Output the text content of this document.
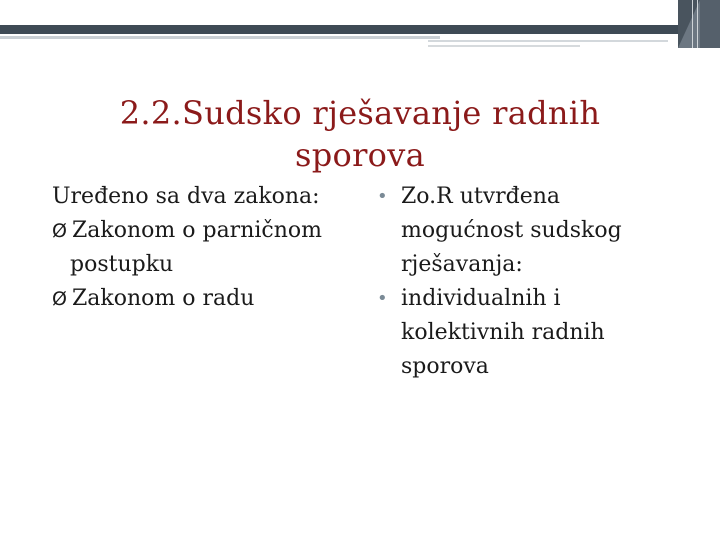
2.2.Sudsko rješavanje radnih
sporova
Uređeno sa dva zakona:
Ø Zakonom o parničnom
postupku
Ø Zakonom o radu
• Zo.R utvrđena
mogućnost sudskog
rješavanja:
• individualnih i
kolektivnih radnih
sporova
